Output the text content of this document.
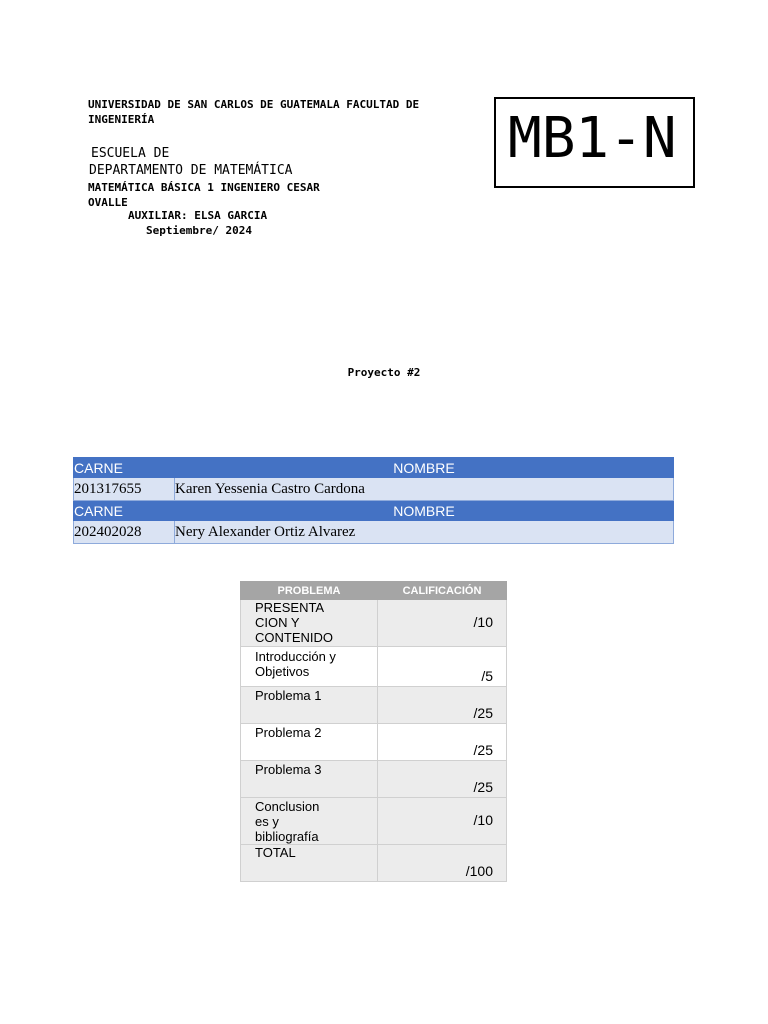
UNIVERSIDAD DE SAN CARLOS DE GUATEMALA FACULTAD DE INGENIERÍA
ESCUELA DE
DEPARTAMENTO DE MATEMÁTICA
MATEMÁTICA BÁSICA 1 INGENIERO CESAR OVALLE
AUXILIAR: ELSA GARCIA
Septiembre/ 2024
MB1-N
Proyecto #2
CARNE	NOMBRE
201317655	Karen Yessenia Castro Cardona
CARNE	NOMBRE
202402028	Nery Alexander Ortiz Alvarez
PROBLEMA	CALIFICACIÓN
PRESENTA
CION Y
CONTENIDO	/10
Introducción y
Objetivos	/5
Problema 1	/25
Problema 2	/25
Problema 3	/25
Conclusion
es y
bibliografía	/10
TOTAL	/100
